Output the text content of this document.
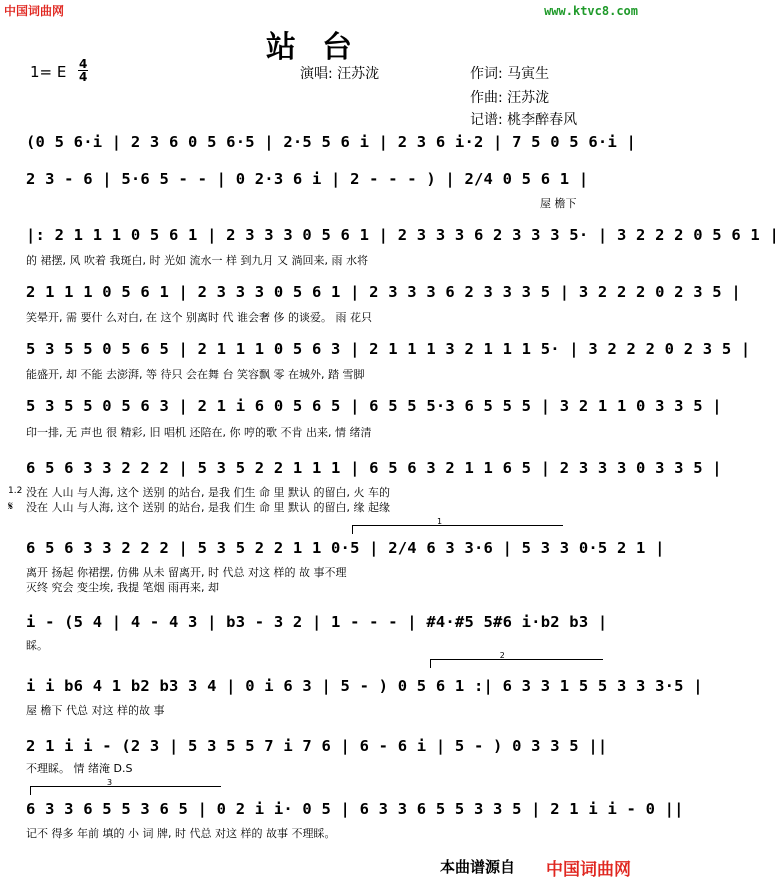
中国词曲网	www.ktvc8.com
站台
1= E 4
4	演唱: 汪苏泷	作词: 马寅生
作曲: 汪苏泷
记谱: 桃李醉春风
(0 5 6·i | 2 3 6 0 5 6·5 | 2·5 5 6 i | 2 3 6 i·2 | 7 5 0 5 6·i |
2 3 - 6 | 5·6 5 - - | 0 2·3 6 i | 2 - - - ) | 2/4 0 5 6 1 |
屋 檐下
|: 2 1 1 1 0 5 6 1 | 2 3 3 3 0 5 6 1 | 2 3 3 3 6 2 3 3 3 5· | 3 2 2 2 0 5 6 1 |
的 裙摆, 风 吹着 我斑白, 时 光如 流水一 样 到九月 又 淌回来, 雨 水将
2 1 1 1 0 5 6 1 | 2 3 3 3 0 5 6 1 | 2 3 3 3 6 2 3 3 3 5 | 3 2 2 2 0 2 3 5 |
笑晕开, 需 要什 么对白, 在 这个 别离时 代 谁会奢 侈 的谈爱。 雨 花只
5 3 5 5 0 5 6 5 | 2 1 1 1 0 5 6 3 | 2 1 1 1 3 2 1 1 1 5· | 3 2 2 2 0 2 3 5 |
能盛开, 却 不能 去澎湃, 等 待只 会在舞 台 笑容飘 零 在城外, 踏 雪脚
5 3 5 5 0 5 6 3 | 2 1 i 6 0 5 6 5 | 6 5 5 5·3 6 5 5 5 | 3 2 1 1 0 3 3 5 |
印一排, 无 声也 很 精彩, 旧 唱机 还陪在, 你 哼的歌 不肯 出来, 情 绪清
6 5 6 3 3 2 2 2 | 5 3 5 2 2 1 1 1 | 6 5 6 3 2 1 1 6 5 | 2 3 3 3 0 3 3 5 |
1.2 没在 人山 与人海, 这个 送别 的站台, 是我 们生 命 里 默认 的留白, 火 车的
𝄋 没在 人山 与人海, 这个 送别 的站台, 是我 们生 命 里 默认 的留白, 缘 起缘
1
6 5 6 3 3 2 2 2 | 5 3 5 2 2 1 1 0·5 | 2/4 6 3 3·6 | 5 3 3 0·5 2 1 |
离开 扬起 你裙摆, 仿佛 从未 留离开, 时 代总 对这 样的 故 事不理
灭终 究会 变尘埃, 我提 笔烟 雨再来, 却
i - (5 4 | 4 - 4 3 | b3 - 3 2 | 1 - - - | #4·#5 5#6 i·b2 b3 |
睬。
2
i i b6 4 1 b2 b3 3 4 | 0 i 6 3 | 5 - ) 0 5 6 1 :| 6 3 3 1 5 5 3 3 3·5 |
屋 檐下 代总 对这 样的故 事
2 1 i i - (2 3 | 5 3 5 5 7 i 7 6 | 6 - 6 i | 5 - ) 0 3 3 5 ||
不理睬。 情 绪淹 D.S
3
6 3 3 6 5 5 3 6 5 | 0 2 i i· 0 5 | 6 3 3 6 5 5 3 3 5 | 2 1 i i - 0 ||
记不 得多 年前 填的 小 词 牌, 时 代总 对这 样的 故事 不理睬。
本曲谱源自 中国词曲网
